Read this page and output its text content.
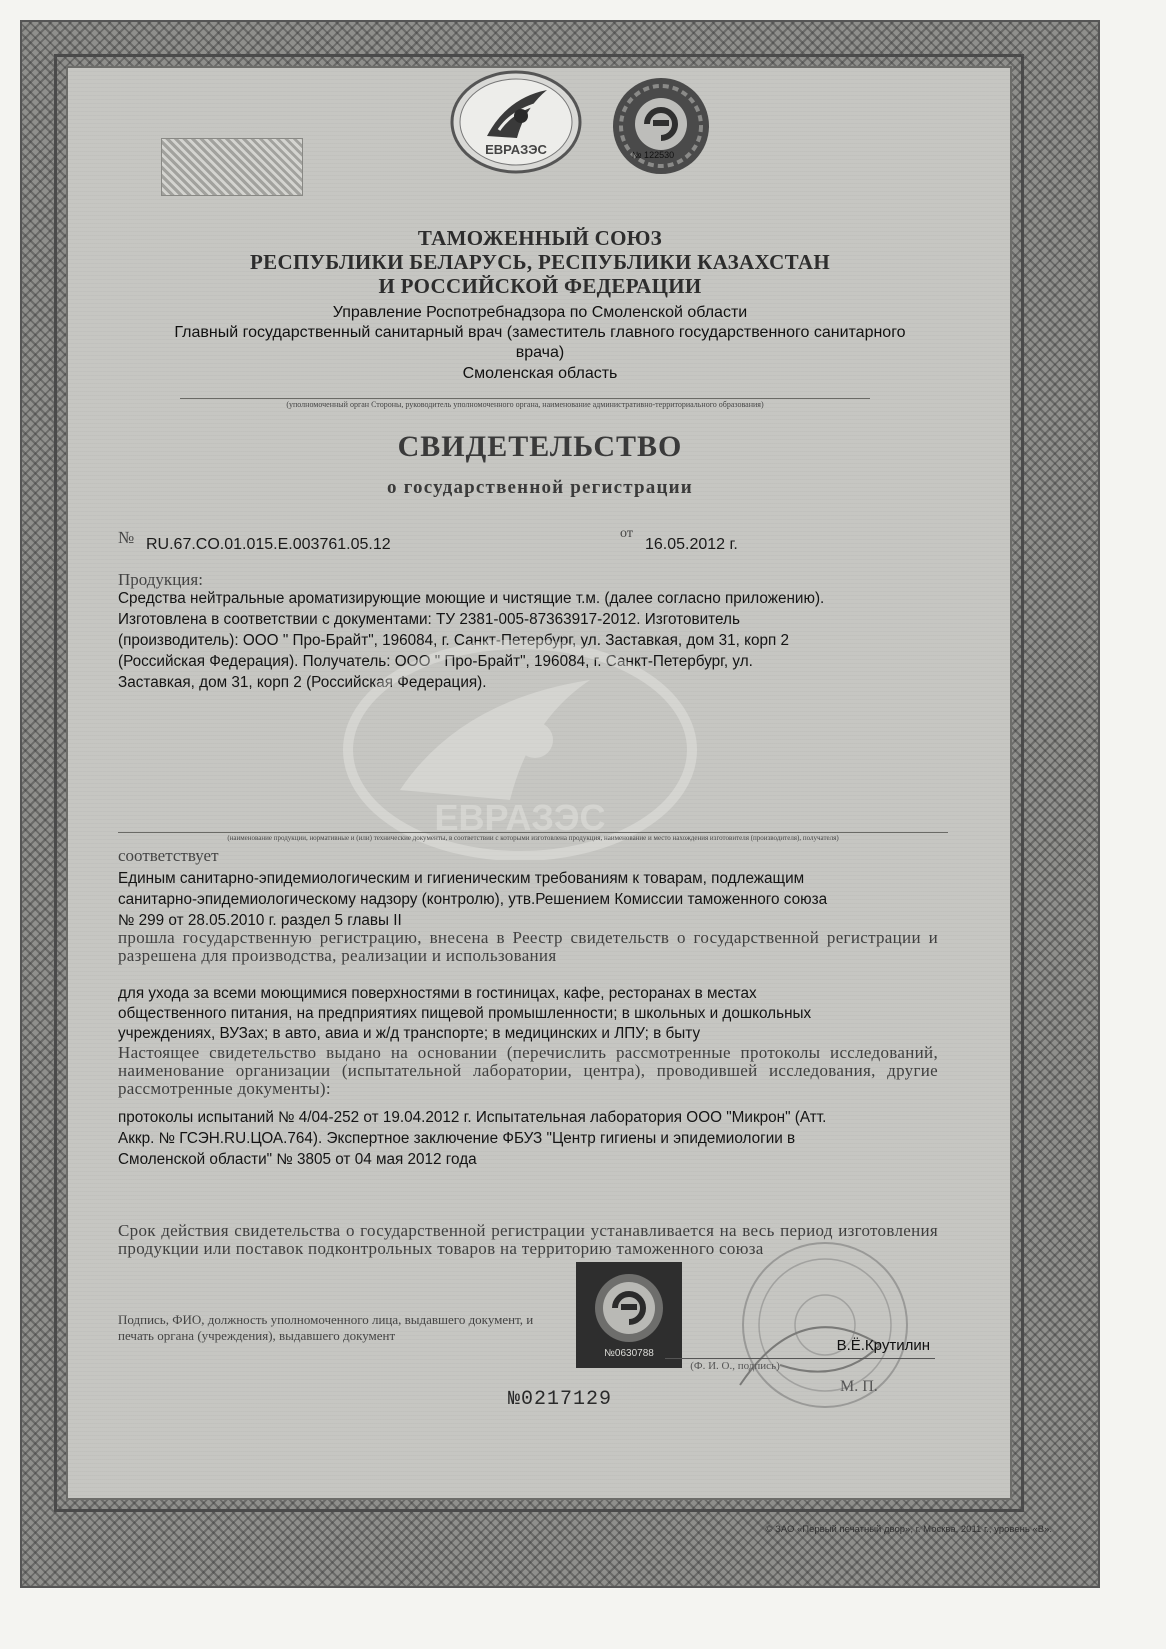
ЕВРАЗЭС	№ 122530
ТАМОЖЕННЫЙ СОЮЗ
РЕСПУБЛИКИ БЕЛАРУСЬ, РЕСПУБЛИКИ КАЗАХСТАН
И РОССИЙСКОЙ ФЕДЕРАЦИИ
Управление Роспотребнадзора по Смоленской области
Главный государственный санитарный врач (заместитель главного государственного санитарного
врача)
Смоленская область
(уполномоченный орган Стороны, руководитель уполномоченного органа, наименование административно-территориального образования)
СВИДЕТЕЛЬСТВО
о государственной регистрации
№ RU.67.CO.01.015.E.003761.05.12
от
16.05.2012 г.
Продукция:
Средства нейтральные ароматизирующие моющие и чистящие т.м. (далее согласно приложению).
Изготовлена в соответствии с документами: ТУ 2381-005-87363917-2012. Изготовитель
(производитель): ООО " Про-Брайт", 196084, г. Санкт-Петербург, ул. Заставкая, дом 31, корп 2
(Российская Федерация). Получатель: ООО " Про-Брайт", 196084, г. Санкт-Петербург, ул.
Заставкая, дом 31, корп 2 (Российская Федерация).
ЕВРАЗЭС
(наименование продукции, нормативные и (или) технические документы, в соответствии с которыми изготовлена продукция, наименование и место нахождения изготовителя (производителя), получателя)
соответствует
Единым санитарно-эпидемиологическим и гигиеническим требованиям к товарам, подлежащим
санитарно-эпидемиологическому надзору (контролю), утв.Решением Комиссии таможенного союза
№ 299 от 28.05.2010 г. раздел 5 главы II
прошла государственную регистрацию, внесена в Реестр свидетельств о государственной регистрации и разрешена для производства, реализации и использования
для ухода за всеми моющимися поверхностями в гостиницах, кафе, ресторанах в местах
общественного питания, на предприятиях пищевой промышленности; в школьных и дошкольных
учреждениях, ВУЗах; в авто, авиа и ж/д транспорте; в медицинских и ЛПУ; в быту
Настоящее свидетельство выдано на основании (перечислить рассмотренные протоколы исследований, наименование организации (испытательной лаборатории, центра), проводившей исследования, другие рассмотренные документы):
протоколы испытаний № 4/04-252 от 19.04.2012 г. Испытательная лаборатория ООО "Микрон" (Атт.
Аккр. № ГСЭН.RU.ЦОА.764). Экспертное заключение ФБУЗ "Центр гигиены и эпидемиологии в
Смоленской области" № 3805 от 04 мая 2012 года
Срок действия свидетельства о государственной регистрации устанавливается на весь период изготовления продукции или поставок подконтрольных товаров на территорию таможенного союза
Подпись, ФИО, должность уполномоченного лица, выдавшего документ, и печать органа (учреждения), выдавшего документ
№0630788	В.Ё.Крутилин
(Ф. И. О., подпись)
М. П.
№0217129
© ЗАО «Первый печатный двор», г. Москва, 2011 г., уровень «В».
